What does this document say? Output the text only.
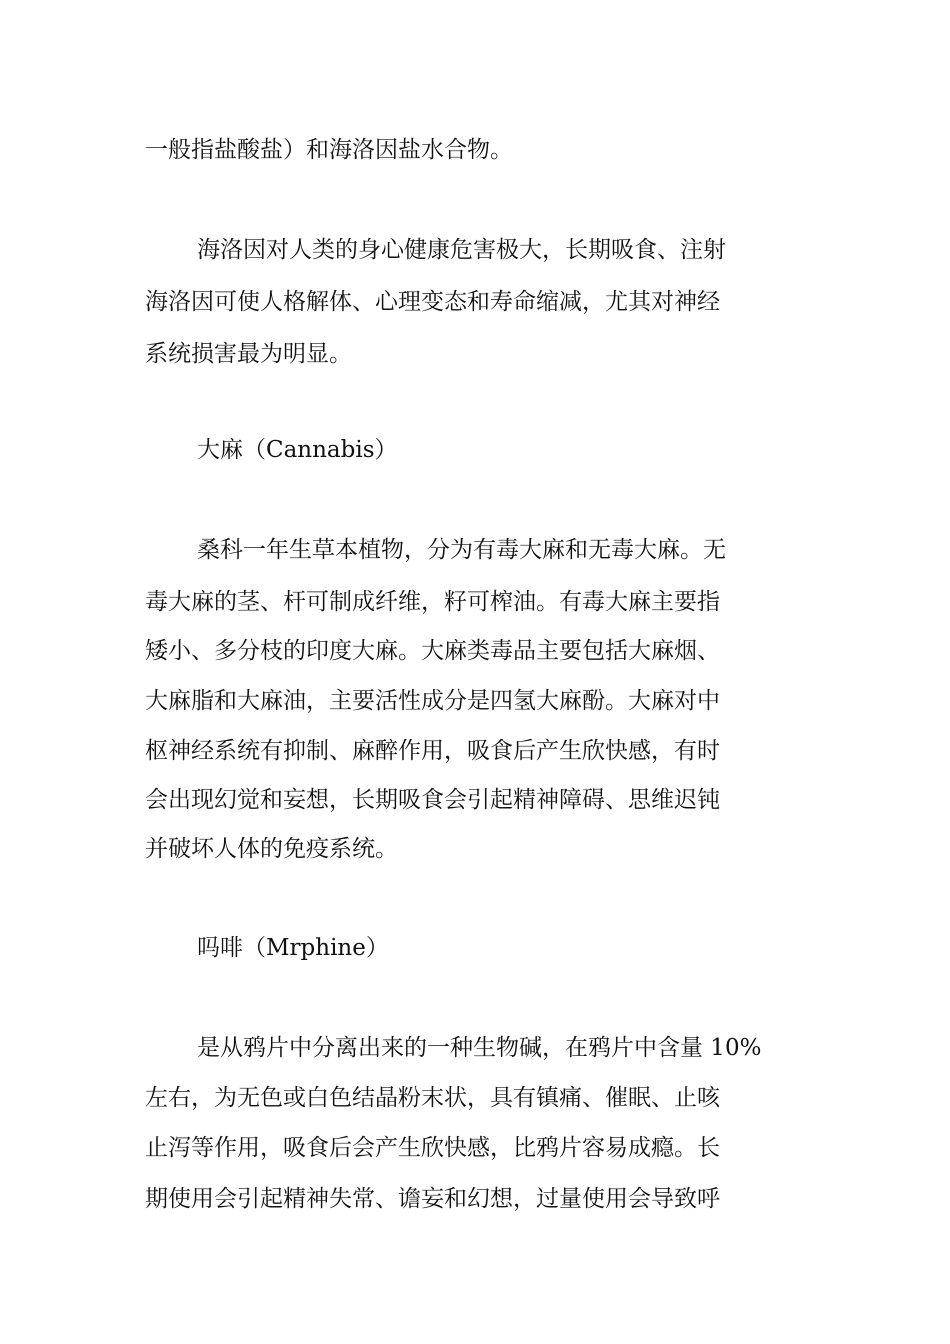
一般指盐酸盐）和海洛因盐水合物。
海洛因对人类的身心健康危害极大，长期吸食、注射
海洛因可使人格解体、心理变态和寿命缩减，尤其对神经
系统损害最为明显。
大麻（Cannabis）
桑科一年生草本植物，分为有毒大麻和无毒大麻。无
毒大麻的茎、杆可制成纤维，籽可榨油。有毒大麻主要指
矮小、多分枝的印度大麻。大麻类毒品主要包括大麻烟、
大麻脂和大麻油，主要活性成分是四氢大麻酚。大麻对中
枢神经系统有抑制、麻醉作用，吸食后产生欣快感，有时
会出现幻觉和妄想，长期吸食会引起精神障碍、思维迟钝
并破坏人体的免疫系统。
吗啡（Mrphine）
是从鸦片中分离出来的一种生物碱，在鸦片中含量 10%
左右，为无色或白色结晶粉末状，具有镇痛、催眠、止咳
止泻等作用，吸食后会产生欣快感，比鸦片容易成瘾。长
期使用会引起精神失常、谵妄和幻想，过量使用会导致呼
